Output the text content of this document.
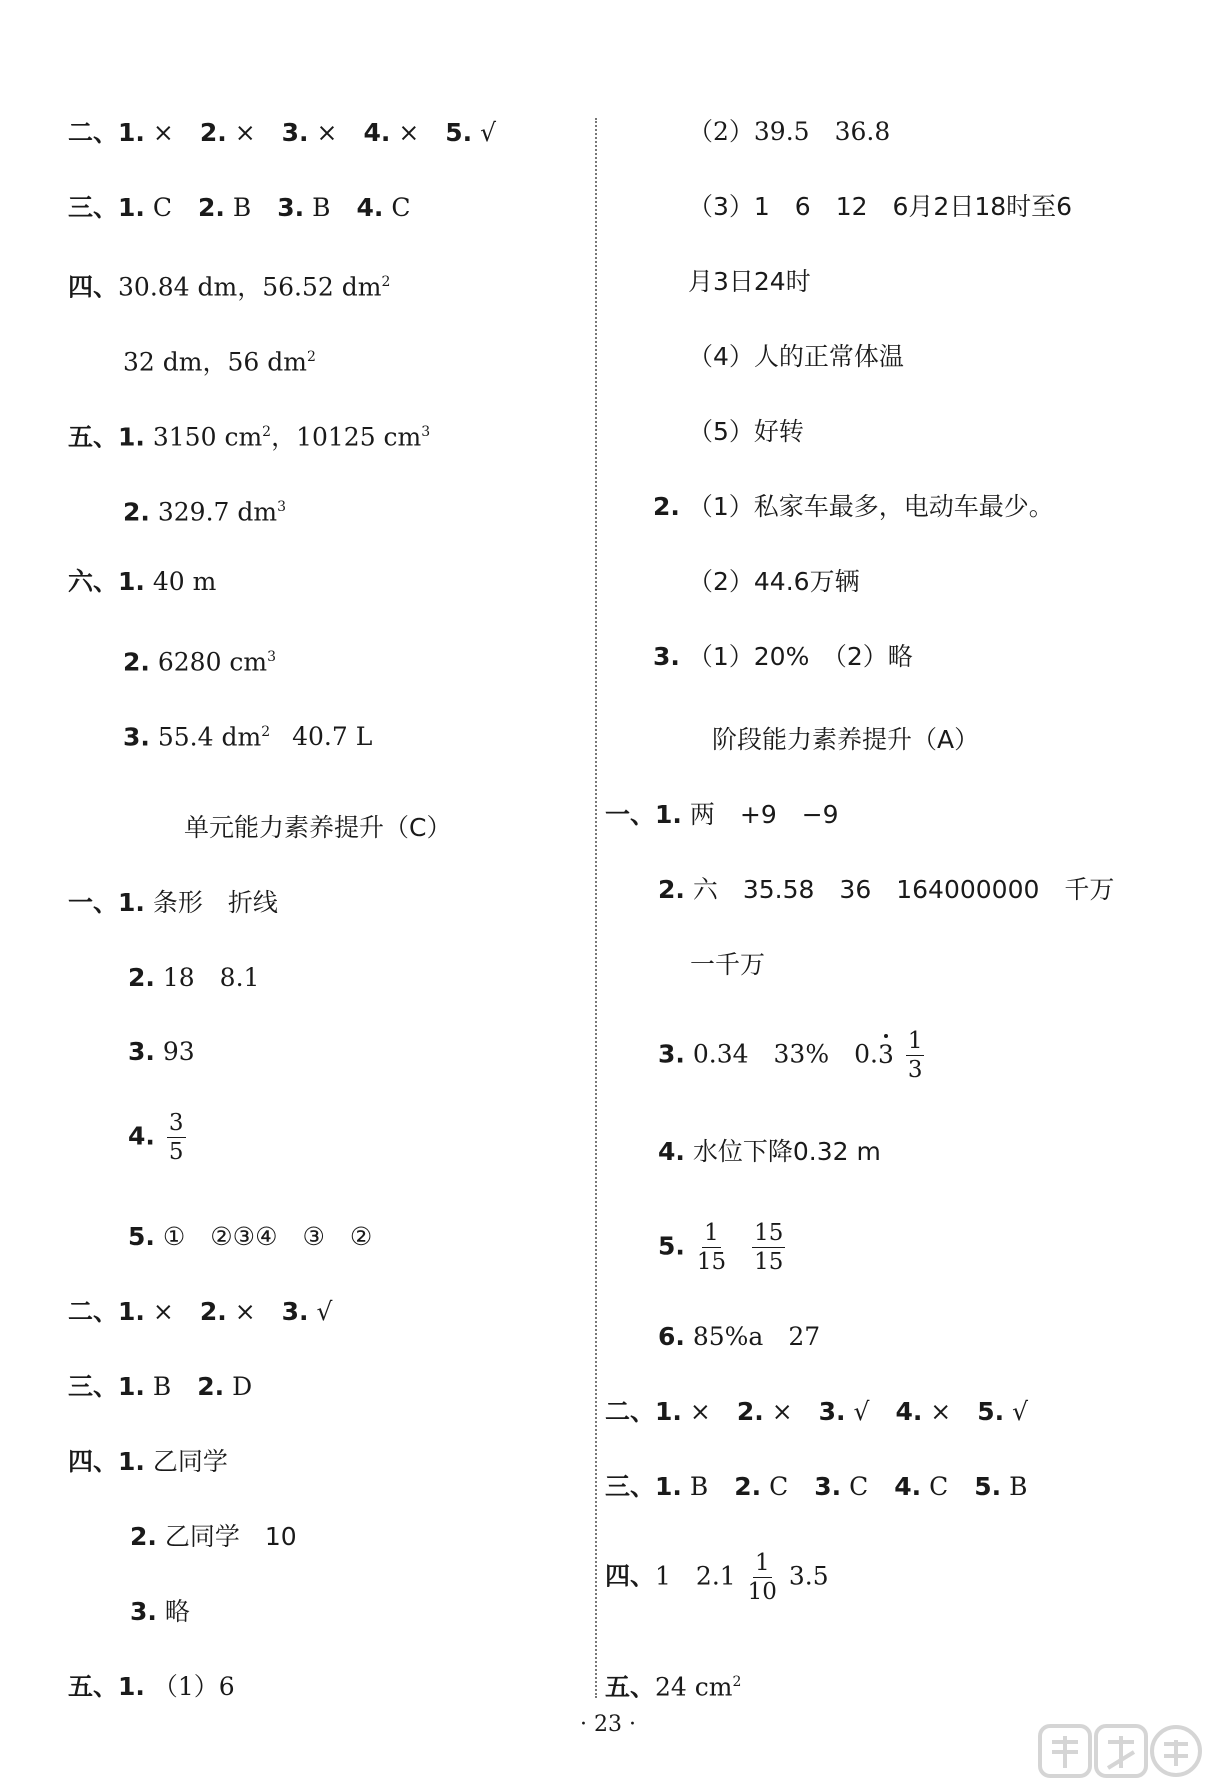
二、1. × 2. × 3. × 4. × 5. √
三、1. C 2. B 3. B 4. C
四、30.84 dm，56.52 $dm^2$
32 dm，56 $dm^2$
五、1. 3150 $cm^2$，10125 $cm^3$
2. 329.7 $dm^3$
六、1. 40 m
2. 6280 $cm^3$
3. 55.4 $dm^2$ 40.7 L
单元能力素养提升（C）
一、1. 条形　折线
2. 18　8.1
3. 93
4. $\frac{3}{5}$
5. ①　②③④　③　②
二、1. × 2. × 3. √
三、1. B 2. D
四、1. 乙同学
2. 乙同学　10
3. 略
五、1. （1）6
（2）39.5　36.8
（3）1　6　12　6月2日18时至6
月3日24时
（4）人的正常体温
（5）好转
2. （1）私家车最多，电动车最少。
（2）44.6万辆
3. （1）20%　（2）略
阶段能力素养提升（A）
一、1. 两　+9　−9
2. 六　35.58　36　164000000　千万
一千万
3. 0.34　33%　$0.3 \frac{1}{3}$
4. 水位下降0.32 m
5. $\frac{1}{15}$
$\frac{15}{15}$
6. 85%a　27
二、1. × 2. × 3. √ 4. × 5. √
三、1. B 2. C 3. C 4. C 5. B
四、1　$2.1 \frac{1}{10} 3.5$
五、24 $cm^2$
· 23 ·
